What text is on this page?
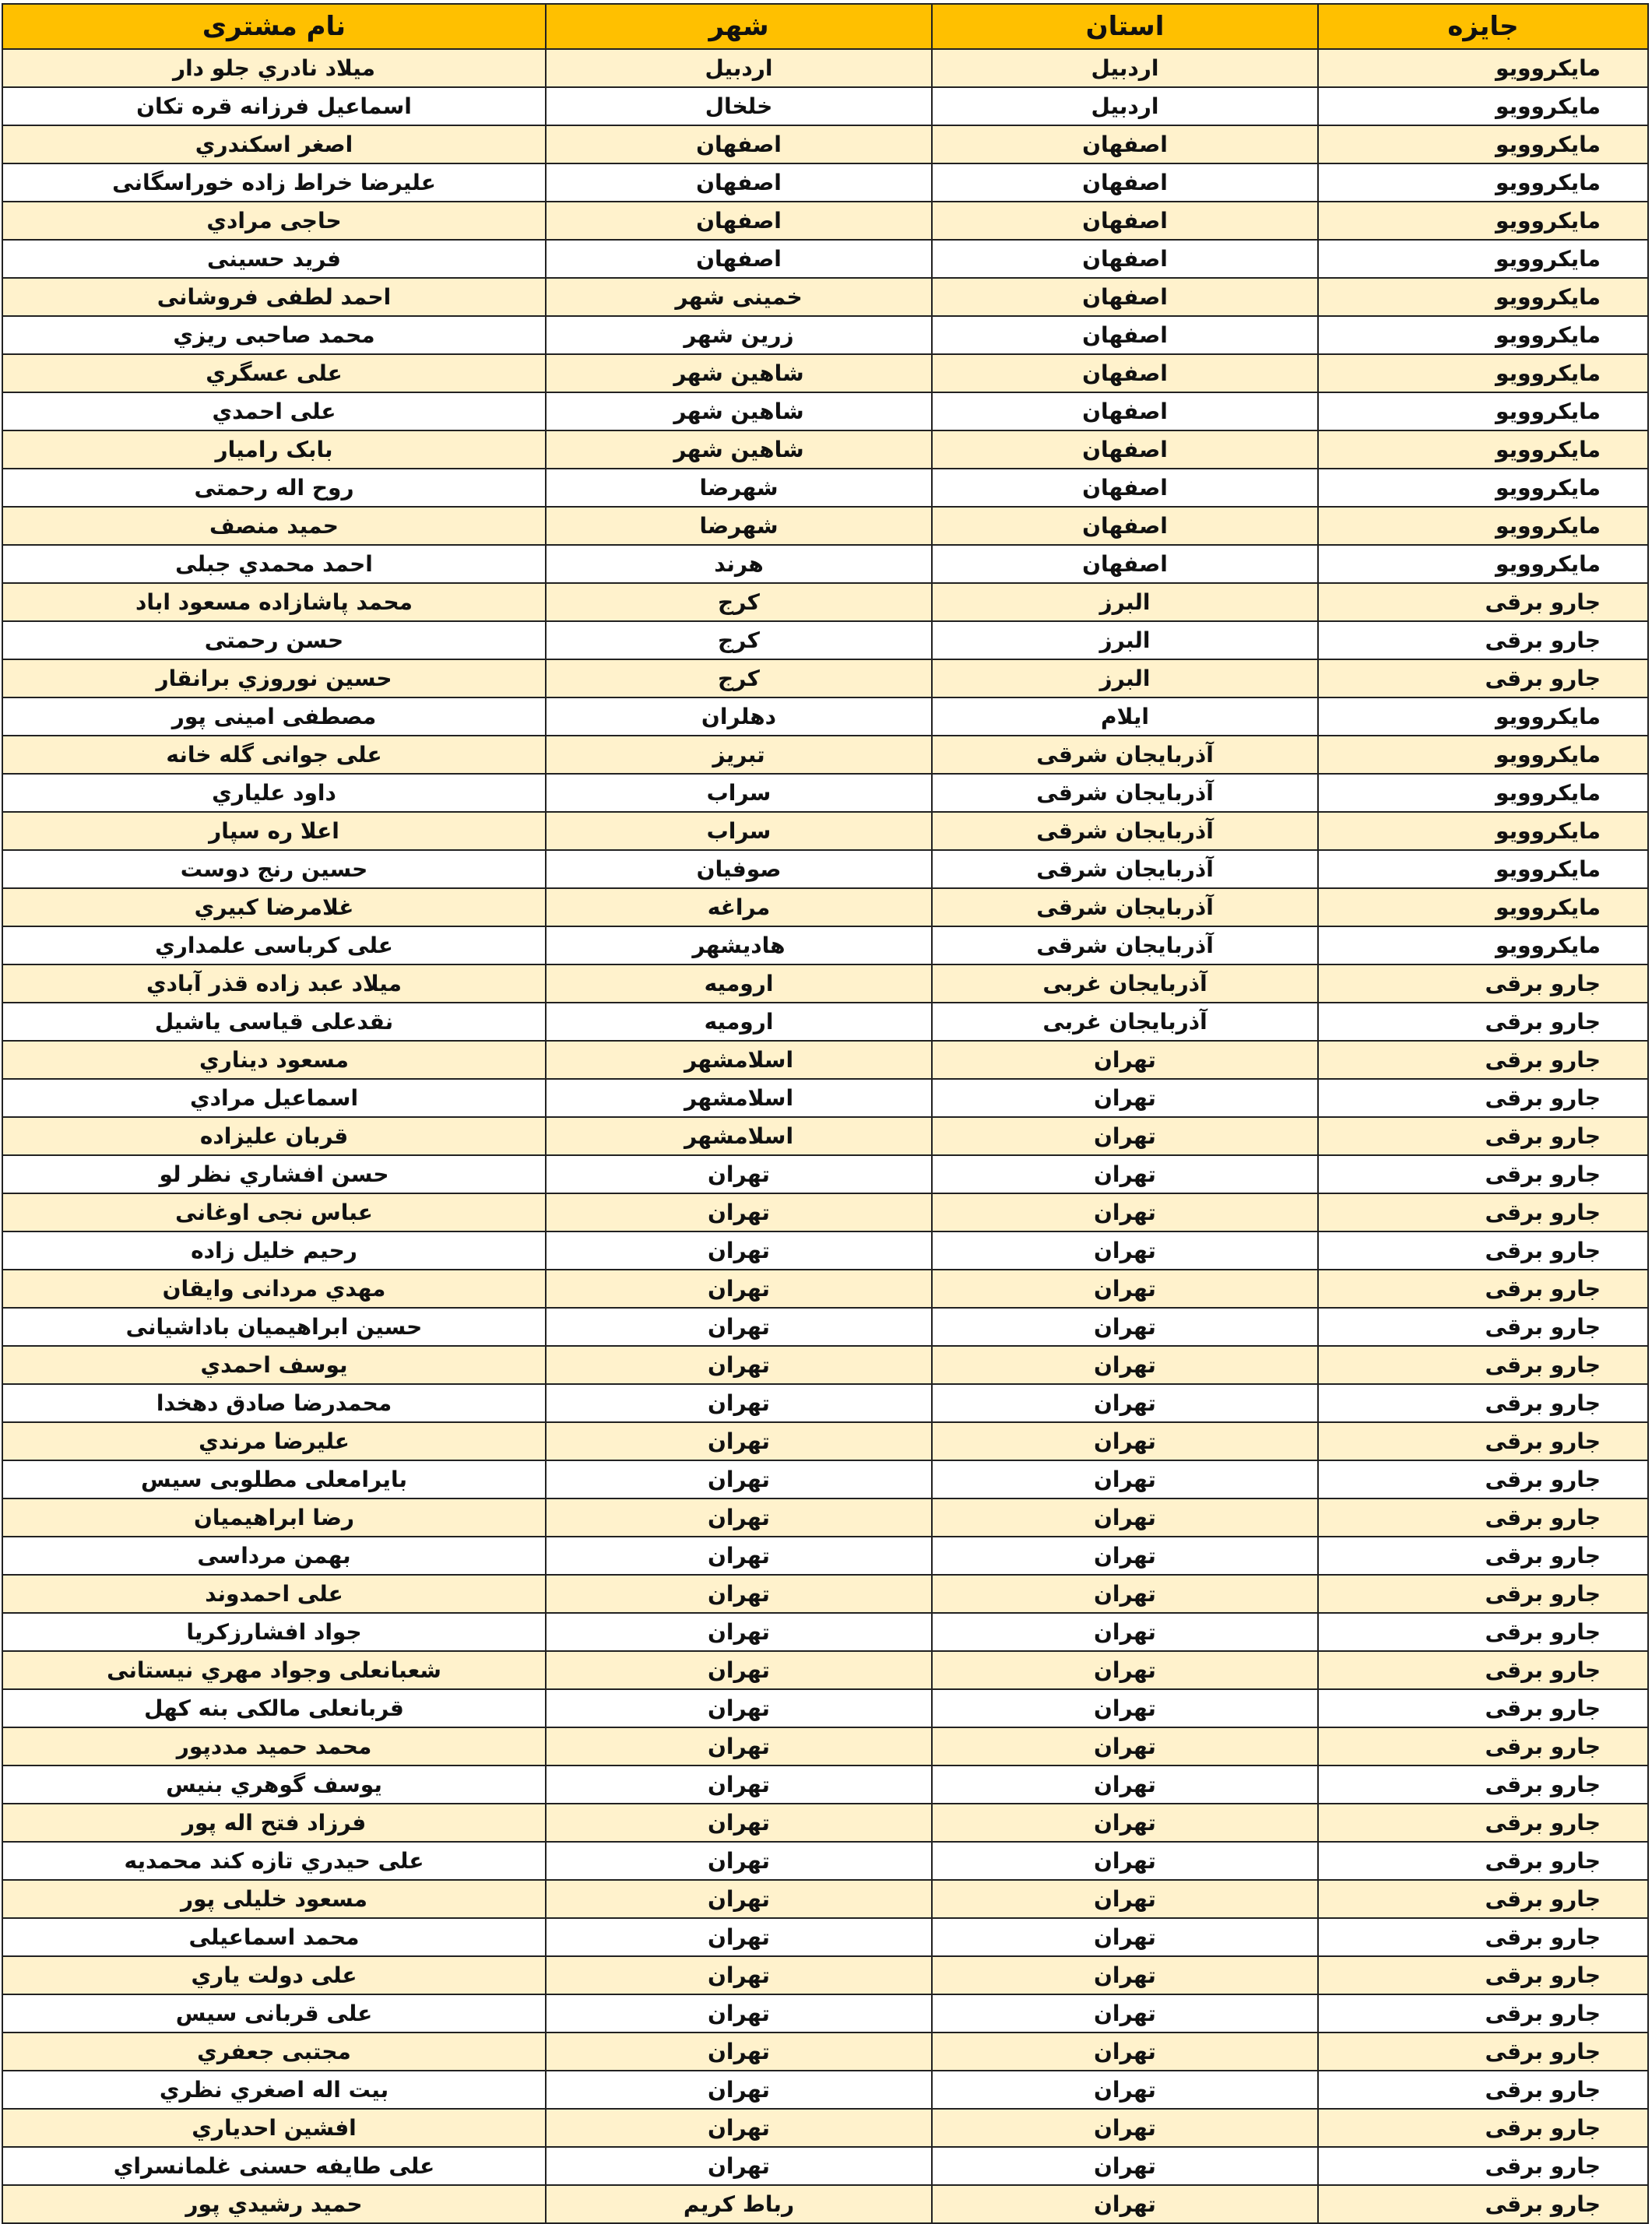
جایزه	استان	شهر	نام مشتری
مایکروویو	اردبیل	اردبیل	میلاد نادري جلو دار
مایکروویو	اردبیل	خلخال	اسماعیل فرزانه قره تکان
مایکروویو	اصفهان	اصفهان	اصغر اسکندري
مایکروویو	اصفهان	اصفهان	علیرضا خراط زاده خوراسگانی
مایکروویو	اصفهان	اصفهان	حاجی مرادي
مایکروویو	اصفهان	اصفهان	فرید حسینی
مایکروویو	اصفهان	خمینی شهر	احمد لطفی فروشانی
مایکروویو	اصفهان	زرین شهر	محمد صاحبی ریزي
مایکروویو	اصفهان	شاهین شهر	علی عسگري
مایکروویو	اصفهان	شاهین شهر	علی احمدي
مایکروویو	اصفهان	شاهین شهر	بابک رامیار
مایکروویو	اصفهان	شهرضا	روح اله رحمتی
مایکروویو	اصفهان	شهرضا	حمید منصف
مایکروویو	اصفهان	هرند	احمد محمدي جبلی
جارو برقی	البرز	کرج	محمد پاشازاده مسعود اباد
جارو برقی	البرز	کرج	حسن رحمتی
جارو برقی	البرز	کرج	حسین نوروزي برانقار
مایکروویو	ایلام	دهلران	مصطفی امینی پور
مایکروویو	آذربایجان شرقی	تبریز	علی جوانی گله خانه
مایکروویو	آذربایجان شرقی	سراب	داود علیاري
مایکروویو	آذربایجان شرقی	سراب	اعلا ره سپار
مایکروویو	آذربایجان شرقی	صوفیان	حسین رنج دوست
مایکروویو	آذربایجان شرقی	مراغه	غلامرضا کبیري
مایکروویو	آذربایجان شرقی	هادیشهر	علی کرباسی علمداري
جارو برقی	آذربایجان غربی	ارومیه	میلاد عبد زاده قذر آبادي
جارو برقی	آذربایجان غربی	ارومیه	نقدعلی قیاسی یاشیل
جارو برقی	تهران	اسلامشهر	مسعود دیناري
جارو برقی	تهران	اسلامشهر	اسماعیل مرادي
جارو برقی	تهران	اسلامشهر	قربان علیزاده
جارو برقی	تهران	تهران	حسن افشاري نظر لو
جارو برقی	تهران	تهران	عباس نجی اوغانی
جارو برقی	تهران	تهران	رحیم خلیل زاده
جارو برقی	تهران	تهران	مهدي مردانی وایقان
جارو برقی	تهران	تهران	حسین ابراهیمیان باداشیانی
جارو برقی	تهران	تهران	یوسف احمدي
جارو برقی	تهران	تهران	محمدرضا صادق دهخدا
جارو برقی	تهران	تهران	علیرضا مرندي
جارو برقی	تهران	تهران	بایرامعلی مطلوبی سیس
جارو برقی	تهران	تهران	رضا ابراهیمیان
جارو برقی	تهران	تهران	بهمن مرداسی
جارو برقی	تهران	تهران	علی احمدوند
جارو برقی	تهران	تهران	جواد افشارزکریا
جارو برقی	تهران	تهران	شعبانعلی وجواد مهري نیستانی
جارو برقی	تهران	تهران	قربانعلی مالکی بنه کهل
جارو برقی	تهران	تهران	محمد حمید مددپور
جارو برقی	تهران	تهران	یوسف گوهري بنیس
جارو برقی	تهران	تهران	فرزاد فتح اله پور
جارو برقی	تهران	تهران	علی حیدري تازه کند محمدیه
جارو برقی	تهران	تهران	مسعود خلیلی پور
جارو برقی	تهران	تهران	محمد اسماعیلی
جارو برقی	تهران	تهران	علی دولت یاري
جارو برقی	تهران	تهران	علی قربانی سیس
جارو برقی	تهران	تهران	مجتبی جعفري
جارو برقی	تهران	تهران	بیت اله اصغري نظري
جارو برقی	تهران	تهران	افشین احدیاري
جارو برقی	تهران	تهران	علی طایفه حسنی غلمانسراي
جارو برقی	تهران	رباط کریم	حمید رشیدي پور
